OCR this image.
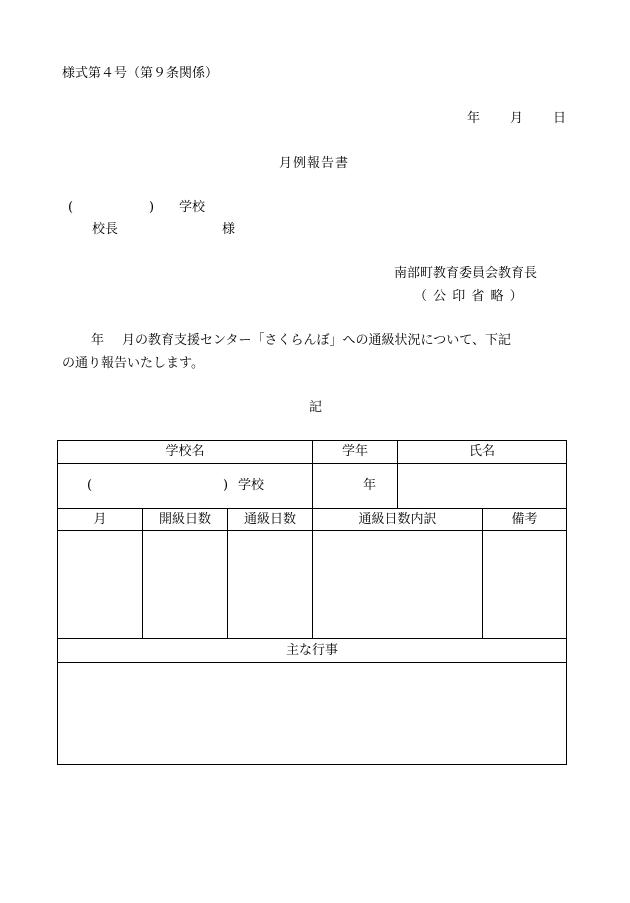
様式第４号（第９条関係）
年 月 日
月例報告書
(	) 学校
校長	様
南部町教育委員会教育長
（ 公 印 省 略 ）
年 月の教育支援センター「さくらんぼ」への通級状況について、下記
の通り報告いたします。
記
学校名			学年	氏名	

( ) 学校			年		

月	開級日数	通級日数	通級日数内訳		備考

主な行事					
